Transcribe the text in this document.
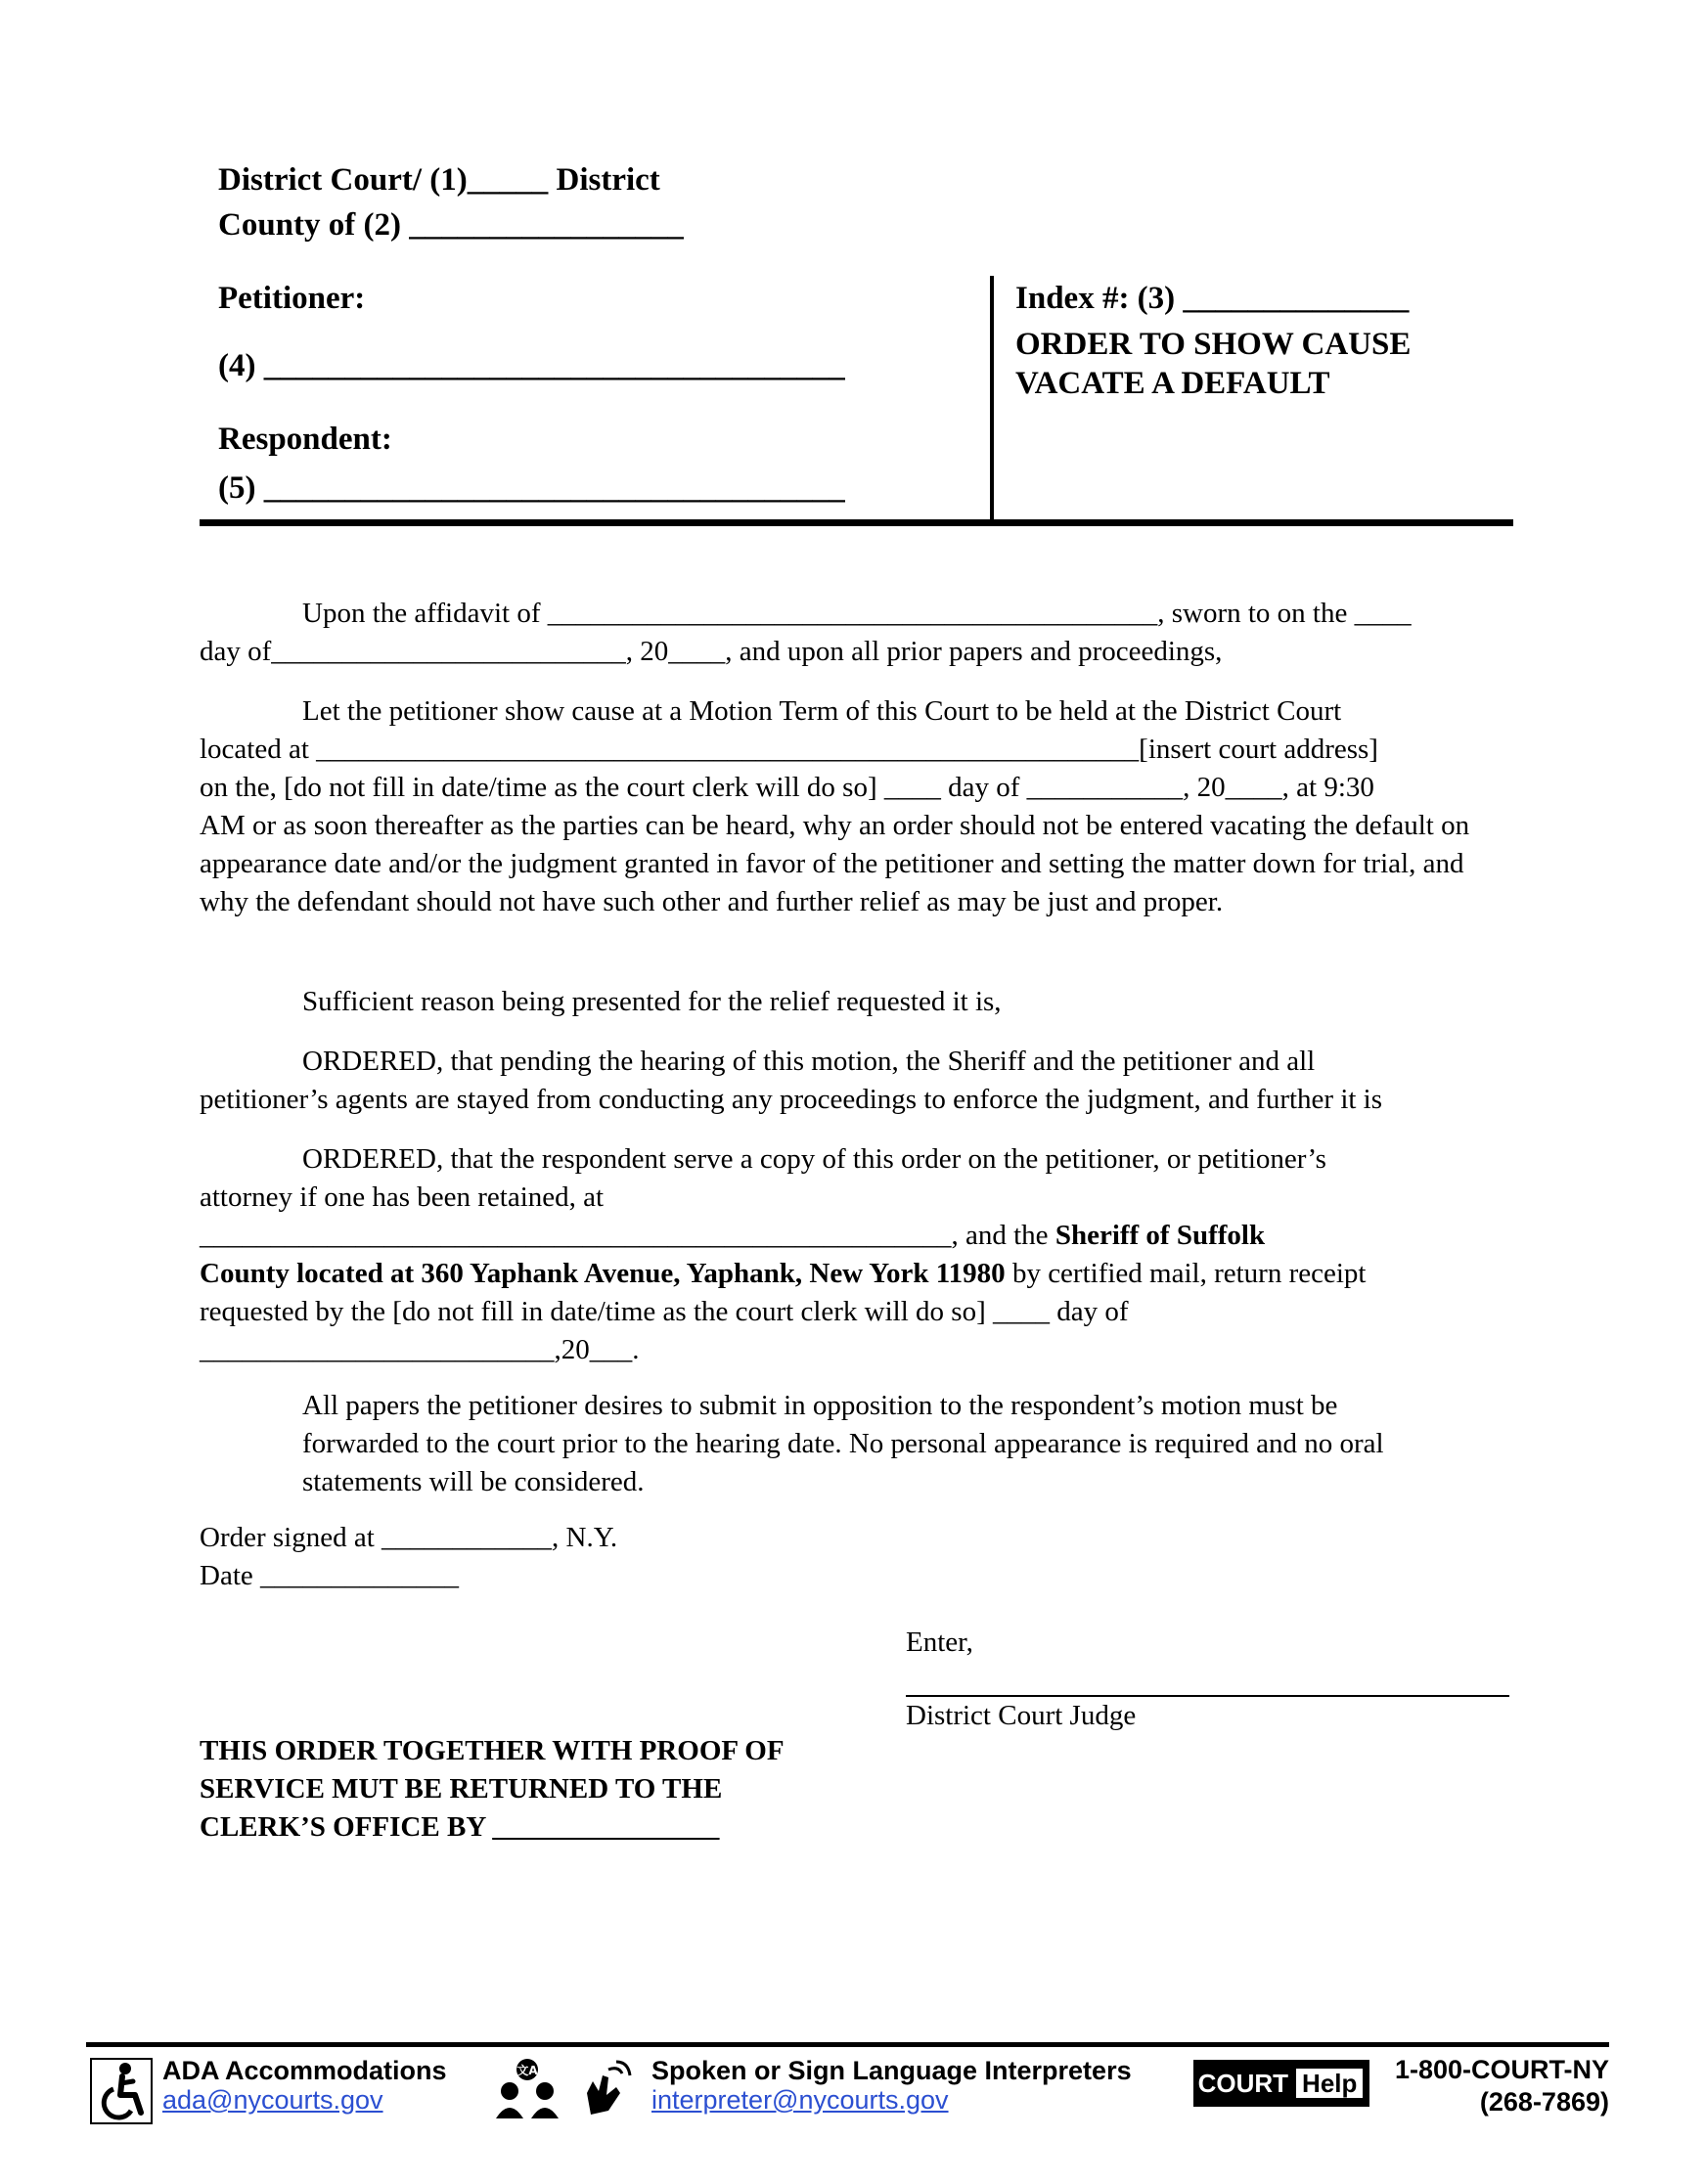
District Court/ (1)_____ District
County of (2) _________________
Petitioner:
(4) ____________________________________
Respondent:
(5) ____________________________________
Index #: (3) ______________
ORDER TO SHOW CAUSE
VACATE A DEFAULT
Upon the affidavit of ___________________________________________, sworn to on the ____
day of_________________________, 20____, and upon all prior papers and proceedings,
Let the petitioner show cause at a Motion Term of this Court to be held at the District Court
located at __________________________________________________________[insert court address]
on the, [do not fill in date/time as the court clerk will do so] ____ day of ___________, 20____, at 9:30
AM or as soon thereafter as the parties can be heard, why an order should not be entered vacating the default on appearance date and/or the judgment granted in favor of the petitioner and setting the matter down for trial, and why the defendant should not have such other and further relief as may be just and proper.
Sufficient reason being presented for the relief requested it is,
ORDERED, that pending the hearing of this motion, the Sheriff and the petitioner and all
petitioner’s agents are stayed from conducting any proceedings to enforce the judgment, and further it is
ORDERED, that the respondent serve a copy of this order on the petitioner, or petitioner’s
attorney if one has been retained, at
_____________________________________________________, and the Sheriff of Suffolk
County located at 360 Yaphank Avenue, Yaphank, New York 11980 by certified mail, return receipt
requested by the [do not fill in date/time as the court clerk will do so] ____ day of
_________________________,20___.
All papers the petitioner desires to submit in opposition to the respondent’s motion must be forwarded to the court prior to the hearing date. No personal appearance is required and no oral statements will be considered.
Order signed at ____________, N.Y.
Date ______________
Enter,
District Court Judge
THIS ORDER TOGETHER WITH PROOF OF
SERVICE MUT BE RETURNED TO THE
CLERK’S OFFICE BY ________________
ADA Accommodations
ada@nycourts.gov
文A	Spoken or Sign Language Interpreters
interpreter@nycourts.gov
COURT Help	1-800-COURT-NY
(268-7869)
